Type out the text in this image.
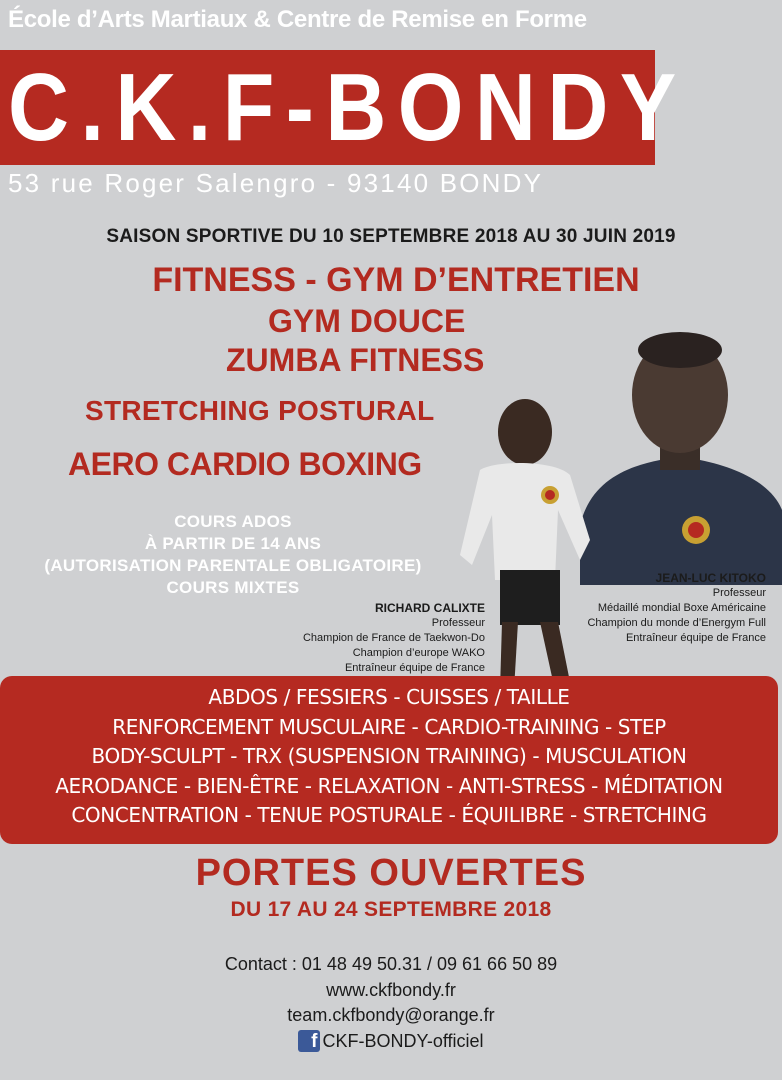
École d’Arts Martiaux & Centre de Remise en Forme
C.K.F-BONDY
53 rue Roger Salengro - 93140 BONDY
SAISON SPORTIVE DU 10 SEPTEMBRE 2018 AU 30 JUIN 2019
FITNESS - GYM D’ENTRETIEN
GYM DOUCE
ZUMBA FITNESS
STRETCHING POSTURAL
AERO CARDIO BOXING
COURS ADOS
À PARTIR DE 14 ANS
(AUTORISATION PARENTALE OBLIGATOIRE)
COURS MIXTES	JEAN-LUC KITOKO
Professeur
Médaillé mondial Boxe Américaine
Champion du monde d’Energym Full
Entraîneur équipe de France
RICHARD CALIXTE
Professeur
Champion de France de Taekwon-Do
Champion d’europe WAKO
Entraîneur équipe de France
ABDOS / FESSIERS - CUISSES / TAILLE
RENFORCEMENT MUSCULAIRE - CARDIO-TRAINING - STEP
BODY-SCULPT - TRX (SUSPENSION TRAINING) - MUSCULATION
AERODANCE - BIEN-ÊTRE - RELAXATION - ANTI-STRESS - MÉDITATION
CONCENTRATION - TENUE POSTURALE - ÉQUILIBRE - STRETCHING
PORTES OUVERTES
DU 17 AU 24 SEPTEMBRE 2018
Contact : 01 48 49 50.31 / 09 61 66 50 89
www.ckfbondy.fr
team.ckfbondy@orange.fr
f CKF-BONDY-officiel
